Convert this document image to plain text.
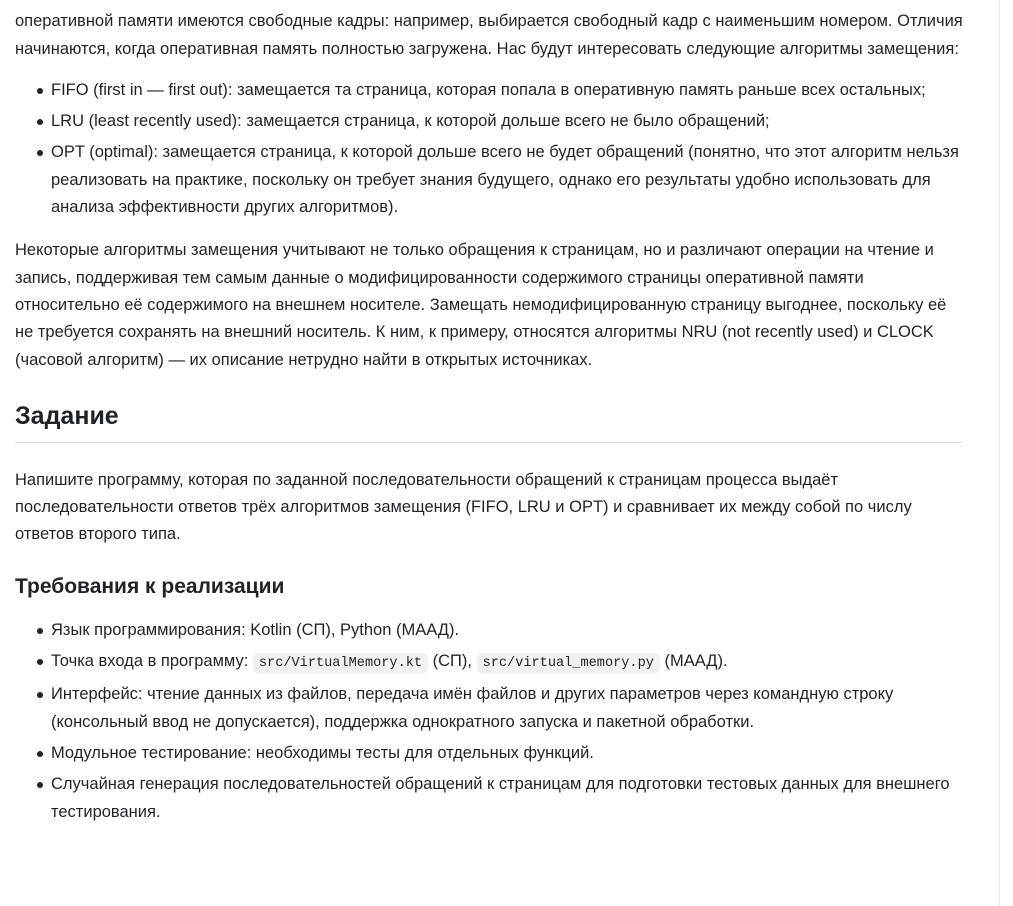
оперативной памяти имеются свободные кадры: например, выбирается свободный кадр с наименьшим номером. Отличия начинаются, когда оперативная память полностью загружена. Нас будут интересовать следующие алгоритмы замещения:

FIFO (first in — first out): замещается та страница, которая попала в оперативную память раньше всех остальных;
LRU (least recently used): замещается страница, к которой дольше всего не было обращений;
OPT (optimal): замещается страница, к которой дольше всего не будет обращений (понятно, что этот алгоритм нельзя реализовать на практике, поскольку он требует знания будущего, однако его результаты удобно использовать для анализа эффективности других алгоритмов).

Некоторые алгоритмы замещения учитывают не только обращения к страницам, но и различают операции на чтение и запись, поддерживая тем самым данные о модифицированности содержимого страницы оперативной памяти относительно её содержимого на внешнем носителе. Замещать немодифицированную страницу выгоднее, поскольку её не требуется сохранять на внешний носитель. К ним, к примеру, относятся алгоритмы NRU (not recently used) и CLOCK (часовой алгоритм) — их описание нетрудно найти в открытых источниках.

Задание

Напишите программу, которая по заданной последовательности обращений к страницам процесса выдаёт последовательности ответов трёх алгоритмов замещения (FIFO, LRU и OPT) и сравнивает их между собой по числу ответов второго типа.

Требования к реализации
Язык программирования: Kotlin (СП), Python (МААД).
Точка входа в программу: src/VirtualMemory.kt (СП), src/virtual_memory.py (МААД).
Интерфейс: чтение данных из файлов, передача имён файлов и других параметров через командную строку (консольный ввод не допускается), поддержка однократного запуска и пакетной обработки.
Модульное тестирование: необходимы тесты для отдельных функций.
Случайная генерация последовательностей обращений к страницам для подготовки тестовых данных для внешнего тестирования.
